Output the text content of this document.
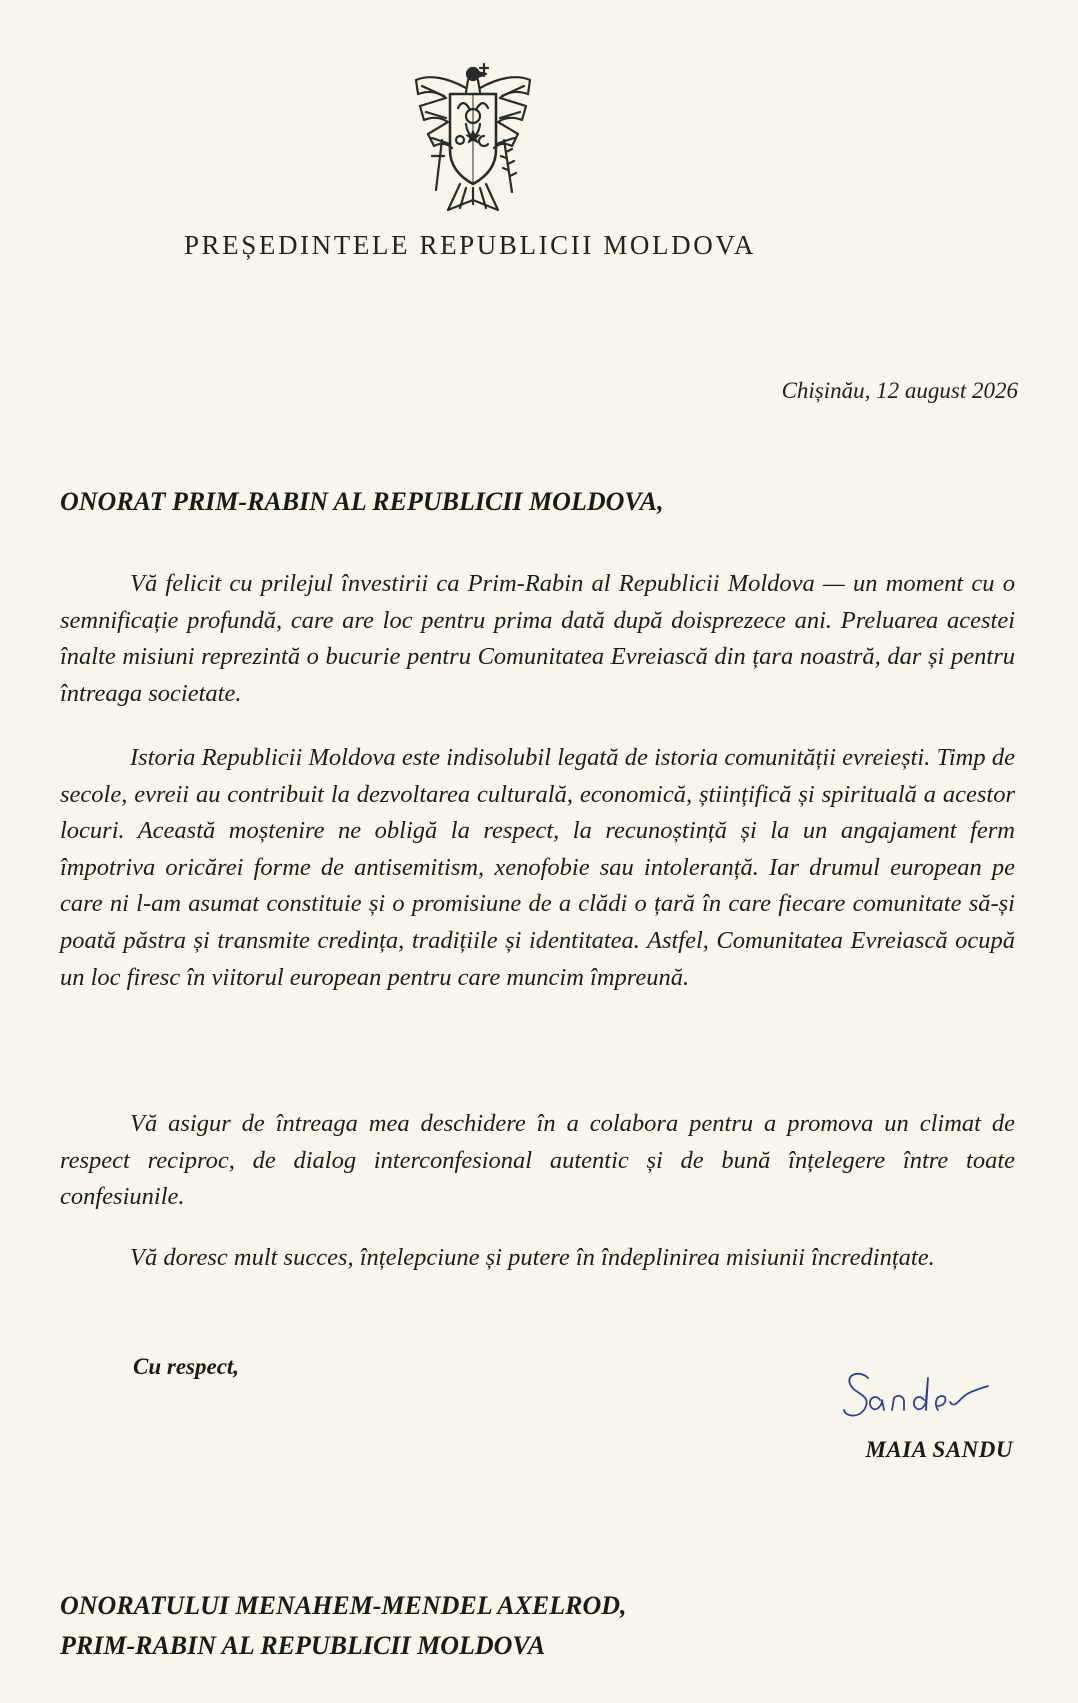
PREȘEDINTELE REPUBLICII MOLDOVA
Chișinău, 12 august 2026
ONORAT PRIM-RABIN AL REPUBLICII MOLDOVA,

Vă felicit cu prilejul învestirii ca Prim-Rabin al Republicii Moldova — un moment cu o semnificație profundă, care are loc pentru prima dată după doisprezece ani. Preluarea acestei înalte misiuni reprezintă o bucurie pentru Comunitatea Evreiască din țara noastră, dar și pentru întreaga societate.

Istoria Republicii Moldova este indisolubil legată de istoria comunității evreiești. Timp de secole, evreii au contribuit la dezvoltarea culturală, economică, științifică și spirituală a acestor locuri. Această moștenire ne obligă la respect, la recunoștință și la un angajament ferm împotriva oricărei forme de antisemitism, xenofobie sau intoleranță. Iar drumul european pe care ni l-am asumat constituie și o promisiune de a clădi o țară în care fiecare comunitate să-și poată păstra și transmite credința, tradițiile și identitatea. Astfel, Comunitatea Evreiască ocupă un loc firesc în viitorul european pentru care muncim împreună.

Vă asigur de întreaga mea deschidere în a colabora pentru a promova un climat de respect reciproc, de dialog interconfesional autentic și de bună înțelegere între toate confesiunile.

Vă doresc mult succes, înțelepciune și putere în îndeplinirea misiunii încredințate.

Cu respect,
MAIA SANDU
ONORATULUI MENAHEM-MENDEL AXELROD,
PRIM-RABIN AL REPUBLICII MOLDOVA
